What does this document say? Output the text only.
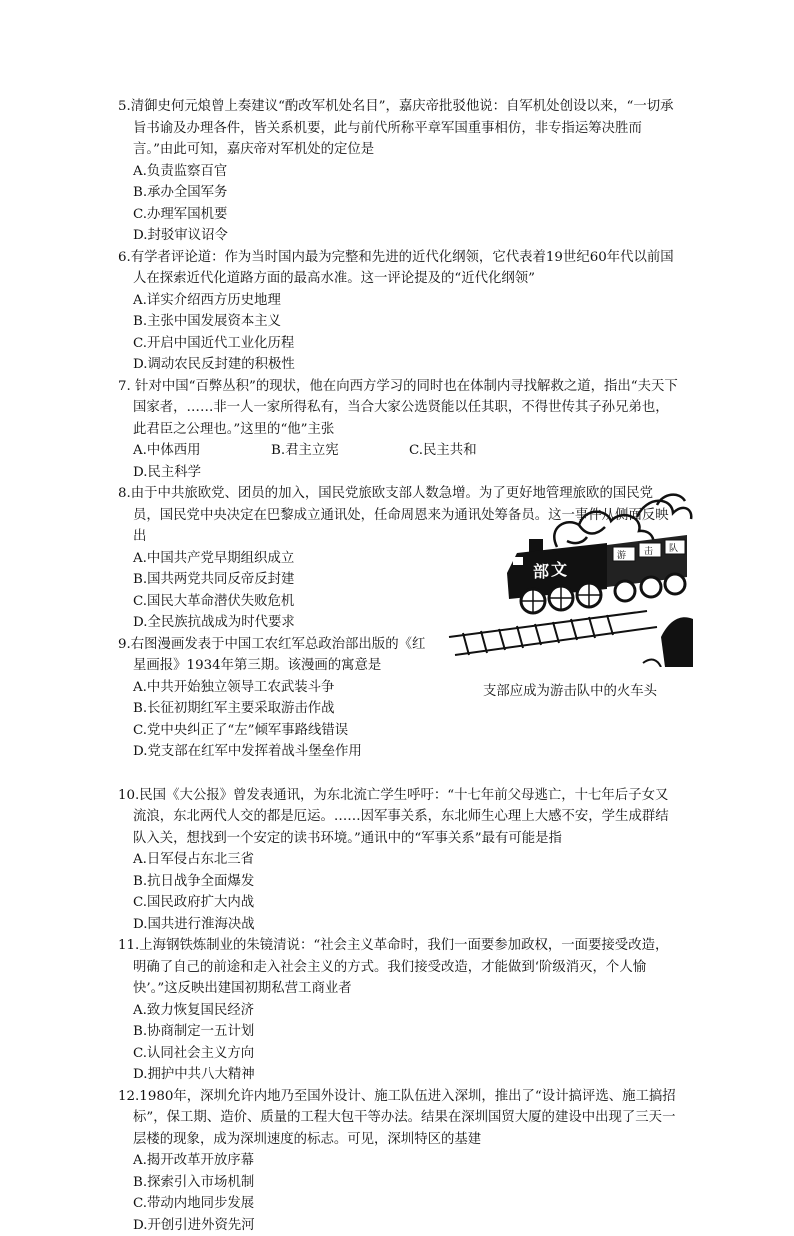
5.清御史何元烺曾上奏建议“酌改军机处名目”，嘉庆帝批驳他说：自军机处创设以来，“一切承旨书谕及办理各件，皆关系机要，此与前代所称平章军国重事相仿，非专指运筹决胜而言。”由此可知，嘉庆帝对军机处的定位是

A.负责监察百官
B.承办全国军务
C.办理军国机要
D.封驳审议诏令

6.有学者评论道：作为当时国内最为完整和先进的近代化纲领，它代表着19世纪60年代以前国人在探索近代化道路方面的最高水准。这一评论提及的“近代化纲领”

A.详实介绍西方历史地理
B.主张中国发展资本主义
C.开启中国近代工业化历程
D.调动农民反封建的积极性

7. 针对中国“百弊丛积”的现状，他在向西方学习的同时也在体制内寻找解救之道，指出“夫天下国家者，……非一人一家所得私有，当合大家公选贤能以任其职，不得世传其子孙兄弟也，此君臣之公理也。”这里的“他”主张

A.中体西用	B.君主立宪	C.民主共和
D.民主科学

8.由于中共旅欧党、团员的加入，国民党旅欧支部人数急增。为了更好地管理旅欧的国民党员，国民党中央决定在巴黎成立通讯处，任命周恩来为通讯处筹备员。这一事件从侧面反映出

A.中国共产党早期组织成立
B.国共两党共同反帝反封建
C.国民大革命潜伏失败危机
D.全民族抗战成为时代要求

9.右图漫画发表于中国工农红军总政治部出版的《红星画报》1934年第三期。该漫画的寓意是

A.中共开始独立领导工农武装斗争
B.长征初期红军主要采取游击作战
C.党中央纠正了“左”倾军事路线错误
D.党支部在红军中发挥着战斗堡垒作用

10.民国《大公报》曾发表通讯，为东北流亡学生呼吁：“十七年前父母逃亡，十七年后子女又流浪，东北两代人交的都是厄运。……因军事关系，东北师生心理上大感不安，学生成群结队入关，想找到一个安定的读书环境。”通讯中的“军事关系”最有可能是指

A.日军侵占东北三省
B.抗日战争全面爆发
C.国民政府扩大内战
D.国共进行淮海决战

11.上海钢铁炼制业的朱镜清说：“社会主义革命时，我们一面要参加政权，一面要接受改造，明确了自己的前途和走入社会主义的方式。我们接受改造，才能做到‘阶级消灭，个人愉快’。”这反映出建国初期私营工商业者

A.致力恢复国民经济
B.协商制定一五计划
C.认同社会主义方向
D.拥护中共八大精神

12.1980年，深圳允许内地乃至国外设计、施工队伍进入深圳，推出了“设计搞评选、施工搞招标”，保工期、造价、质量的工程大包干等办法。结果在深圳国贸大厦的建设中出现了三天一层楼的现象，成为深圳速度的标志。可见，深圳特区的基建

A.揭开改革开放序幕
B.探索引入市场机制
C.带动内地同步发展
D.开创引进外资先河
部 文
游 击 队
支部应成为游击队中的火车头
